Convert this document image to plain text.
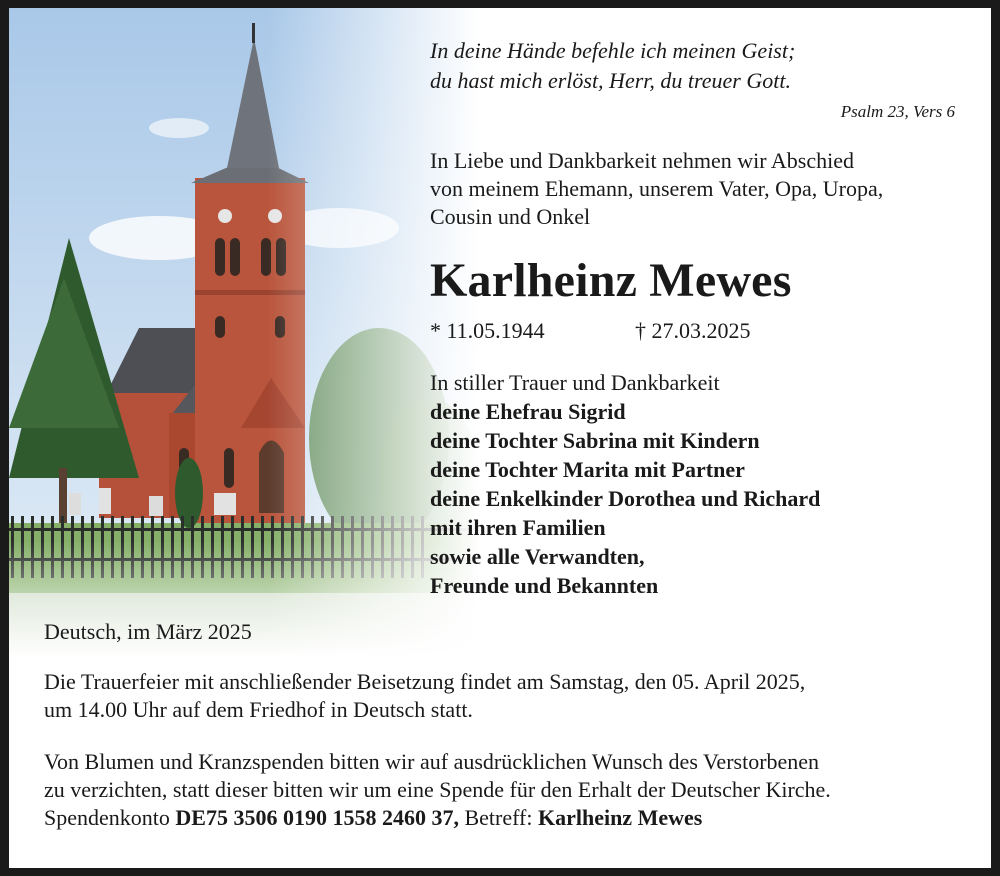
In deine Hände befehle ich meinen Geist;
du hast mich erlöst, Herr, du treuer Gott.
Psalm 23, Vers 6
In Liebe und Dankbarkeit nehmen wir Abschied
von meinem Ehemann, unserem Vater, Opa, Uropa,
Cousin und Onkel
Karlheinz Mewes
* 11.05.1944	† 27.03.2025
In stiller Trauer und Dankbarkeit
deine Ehefrau Sigrid
deine Tochter Sabrina mit Kindern
deine Tochter Marita mit Partner
deine Enkelkinder Dorothea und Richard
mit ihren Familien
sowie alle Verwandten,
Freunde und Bekannten
Deutsch, im März 2025
Die Trauerfeier mit anschließender Beisetzung findet am Samstag, den 05. April 2025,
um 14.00 Uhr auf dem Friedhof in Deutsch statt.
Von Blumen und Kranzspenden bitten wir auf ausdrücklichen Wunsch des Verstorbenen
zu verzichten, statt dieser bitten wir um eine Spende für den Erhalt der Deutscher Kirche.
Spendenkonto DE75 3506 0190 1558 2460 37, Betreff: Karlheinz Mewes
